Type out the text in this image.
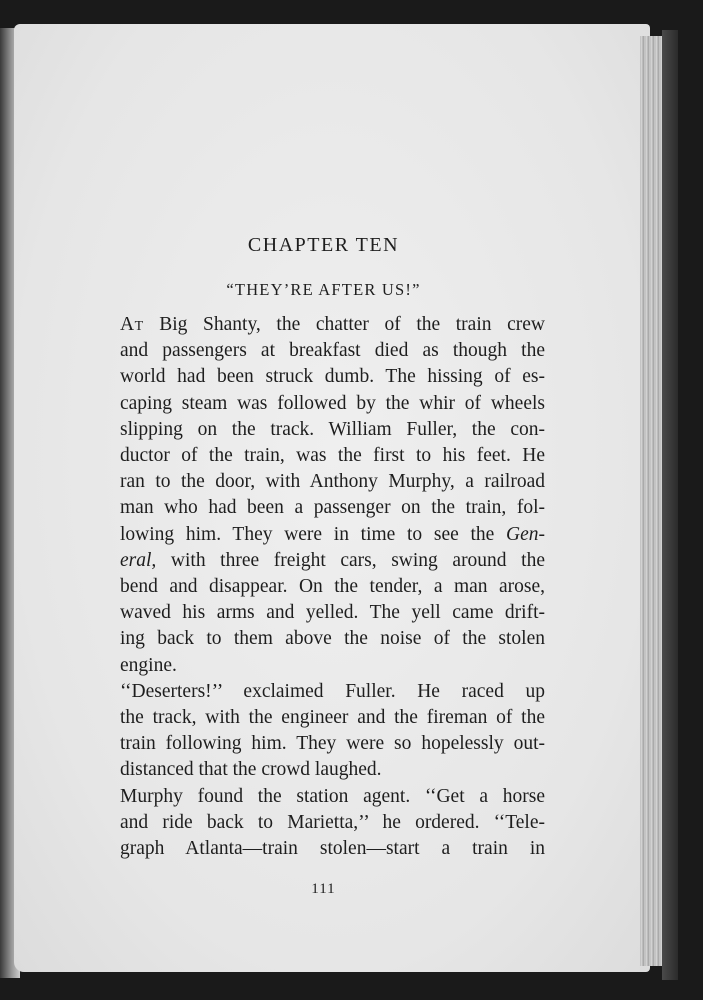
CHAPTER TEN
“THEY’RE AFTER US!”

At Big Shanty, the chatter of the train crew
and passengers at breakfast died as though the
world had been struck dumb. The hissing of es-
caping steam was followed by the whir of wheels
slipping on the track. William Fuller, the con-
ductor of the train, was the first to his feet. He
ran to the door, with Anthony Murphy, a railroad
man who had been a passenger on the train, fol-
lowing him. They were in time to see the Gen-
eral, with three freight cars, swing around the
bend and disappear. On the tender, a man arose,
waved his arms and yelled. The yell came drift-
ing back to them above the noise of the stolen
engine.

‘‘Deserters!’’ exclaimed Fuller. He raced up
the track, with the engineer and the fireman of the
train following him. They were so hopelessly out-
distanced that the crowd laughed.

Murphy found the station agent. ‘‘Get a horse
and ride back to Marietta,’’ he ordered. ‘‘Tele-
graph Atlanta—train stolen—start a train in

111
